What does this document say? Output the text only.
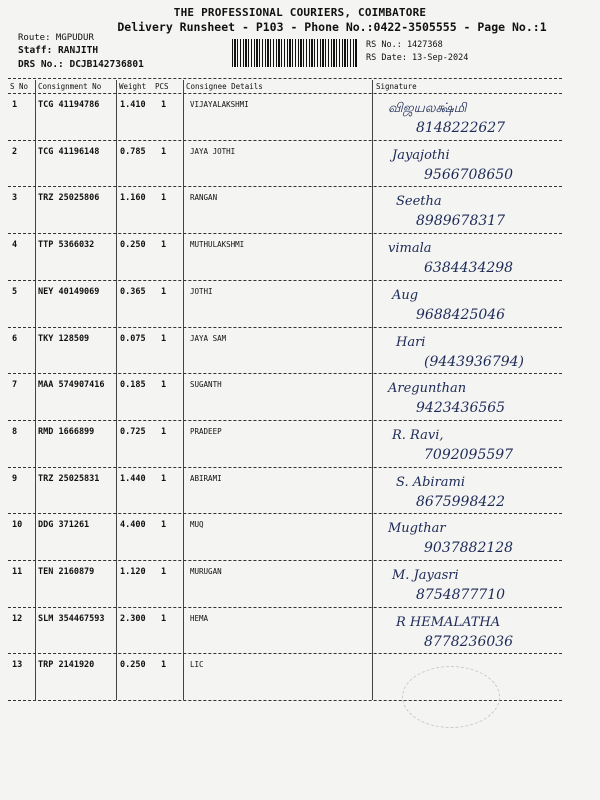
THE PROFESSIONAL COURIERS, COIMBATORE
Delivery Runsheet - P103 - Phone No.:0422-3505555 - Page No.:1
Route: MGPUDUR
Staff: RANJITH
DRS No.: DCJB142736801
RS No.: 1427368
RS Date: 13-Sep-2024
S No Consignment No Weight PCS Consignee Details	Signature
1 TCG 41194786 1.410 1	VIJAYALAKSHMI	விஜயலக்ஷ்மி
8148222627
2 TCG 41196148 0.785 1	JAYA JOTHI	Jayajothi
9566708650
3 TRZ 25025806 1.160 1	RANGAN	Seetha
8989678317
4 TTP 5366032	0.250 1	MUTHULAKSHMI	vimala
6384434298
5 NEY 40149069 0.365 1	JOTHI	Aug
9688425046
6 TKY 128509	0.075 1	JAYA SAM	Hari
(9443936794)
7 MAA 574907416 0.185 1	SUGANTH	Aregunthan
9423436565
8 RMD 1666899	0.725 1	PRADEEP	R. Ravi,
7092095597
9 TRZ 25025831 1.440 1	ABIRAMI	S. Abirami
8675998422
10 DDG 371261	4.400 1	MUQ	Mugthar
9037882128
11 TEN 2160879	1.120 1	MURUGAN	M. Jayasri
8754877710
12 SLM 354467593 2.300 1	HEMA	R HEMALATHA
8778236036
13 TRP 2141920	0.250 1	LIC
